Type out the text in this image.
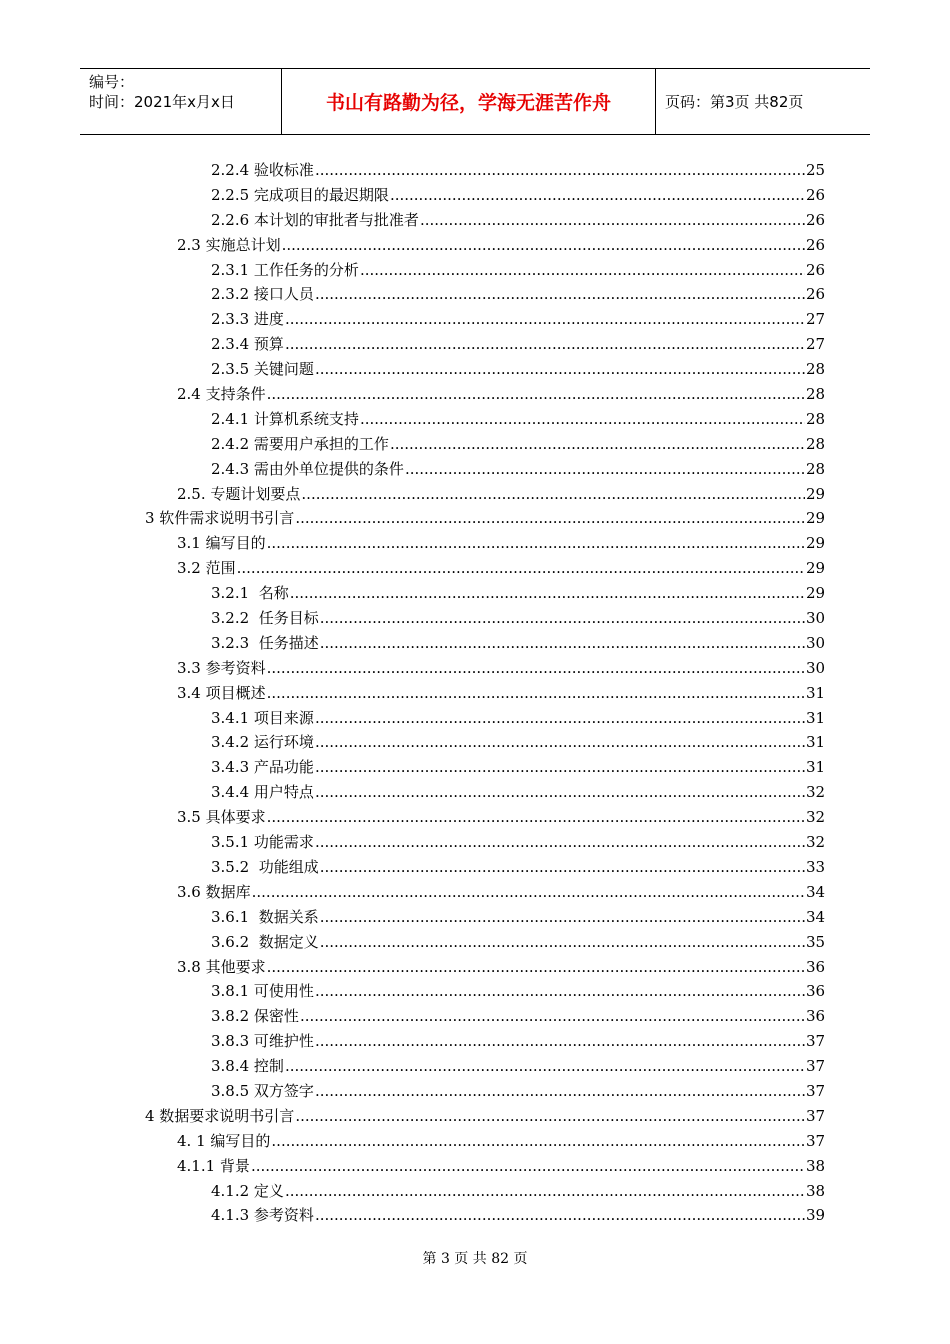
编号：
时间：2021年x月x日	书山有路勤为径，学海无涯苦作舟	页码：第3页 共82页
2.2.4 验收标准 .....	25
2.2.5 完成项目的最迟期限 .....	26
2.2.6 本计划的审批者与批准者 .....	26
2.3 实施总计划 .....	26
2.3.1 工作任务的分析 .....	26
2.3.2 接口人员 .....	26
2.3.3 进度 .....	27
2.3.4 预算 .....	27
2.3.5 关键问题 .....	28
2.4 支持条件 .....	28
2.4.1 计算机系统支持 .....	28
2.4.2 需要用户承担的工作 .....	28
2.4.3 需由外单位提供的条件 .....	28
2.5. 专题计划要点 .....	29
3 软件需求说明书引言 .....	29
3.1 编写目的 .....	29
3.2 范围 .....	29
3.2.1  名称 .....	29
3.2.2  任务目标 .....	30
3.2.3  任务描述 .....	30
3.3 参考资料 .....	30
3.4 项目概述 .....	31
3.4.1 项目来源 .....	31
3.4.2 运行环境 .....	31
3.4.3 产品功能 .....	31
3.4.4 用户特点 .....	32
3.5 具体要求 .....	32
3.5.1 功能需求 .....	32
3.5.2  功能组成 .....	33
3.6 数据库 .....	34
3.6.1  数据关系 .....	34
3.6.2  数据定义 .....	35
3.8 其他要求 .....	36
3.8.1 可使用性 .....	36
3.8.2 保密性 .....	36
3.8.3 可维护性 .....	37
3.8.4 控制 .....	37
3.8.5 双方签字 .....	37
4 数据要求说明书引言 .....	37
4. 1 编写目的 .....	37
4.1.1 背景 .....	38
4.1.2 定义 .....	38
4.1.3 参考资料 .....	39
第 3 页 共 82 页
